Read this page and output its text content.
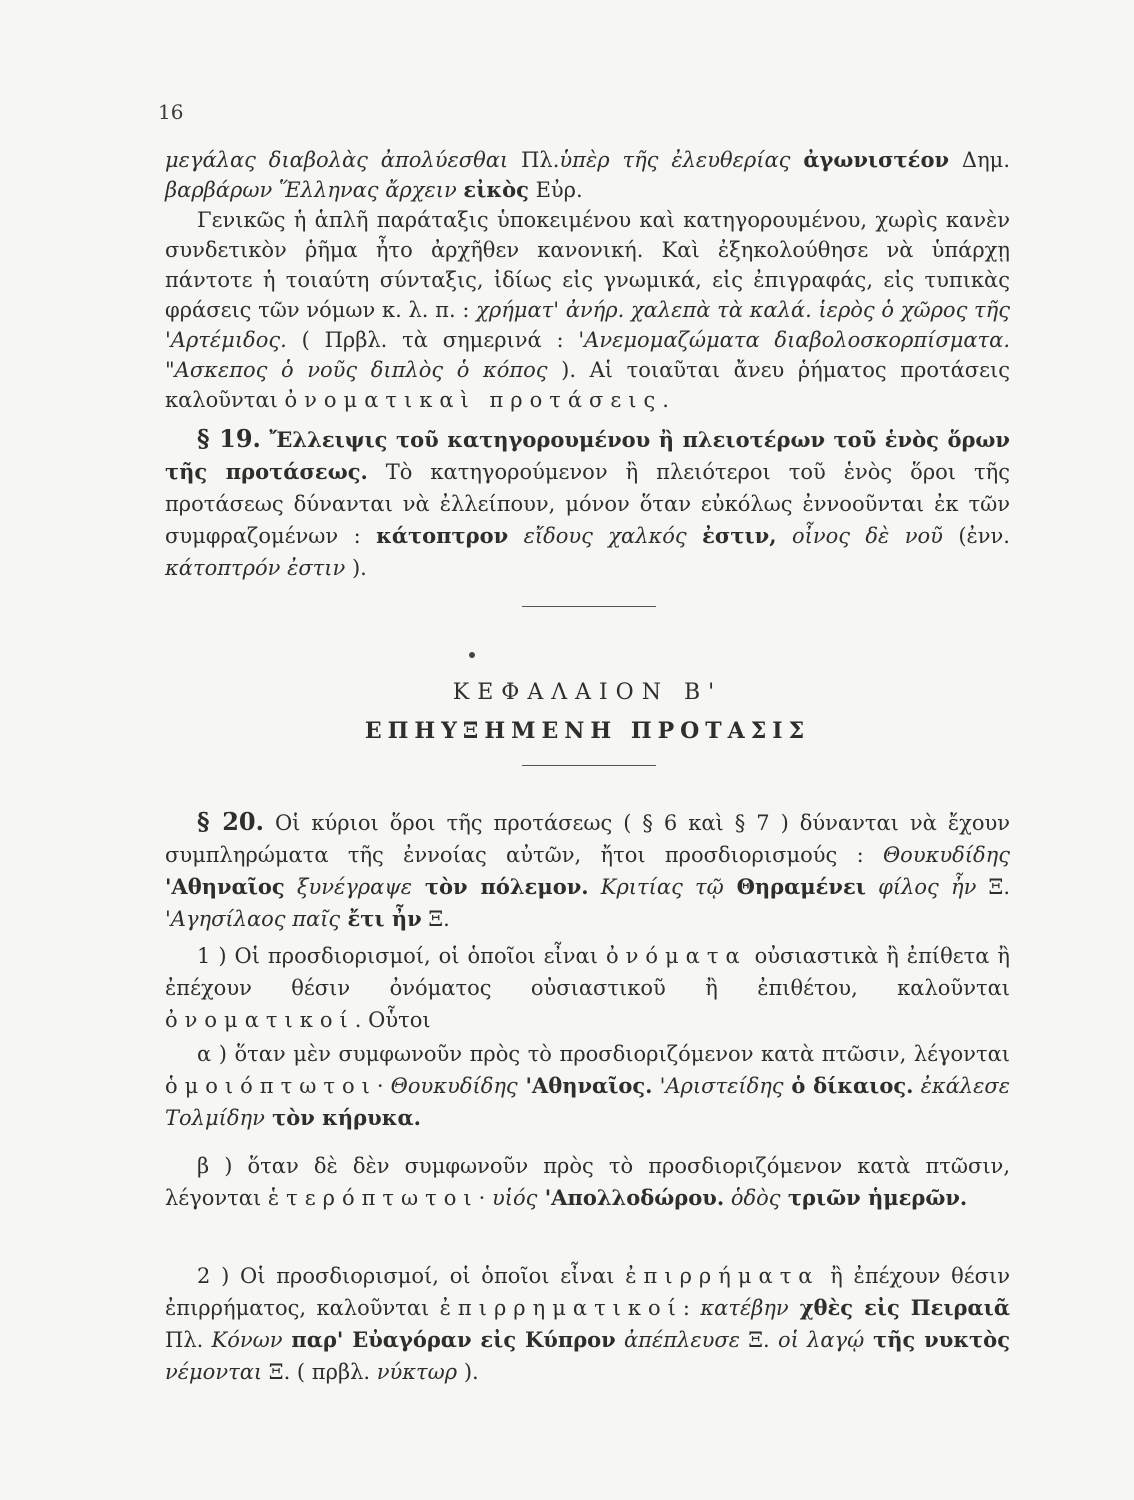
16

μεγάλας διαβολὰς ἀπολύεσθαι Πλ.ὑπὲρ τῆς ἐλευθερίας ἀγωνιστέον Δημ. βαρβάρων Ἕλληνας ἄρχειν εἰκὸς Εὐρ.

Γενικῶς ἡ ἁπλῆ παράταξις ὑποκειμένου καὶ κατηγορουμένου, χωρὶς κανὲν συνδετικὸν ῥῆμα ἦτο ἀρχῆθεν κανονική. Καὶ ἐξηκολούθησε νὰ ὑπάρχῃ πάντοτε ἡ τοιαύτη σύνταξις, ἰδίως εἰς γνωμικά, εἰς ἐπιγραφάς, εἰς τυπικὰς φράσεις τῶν νόμων κ. λ. π. : χρήματ' ἀνήρ. χαλεπὰ τὰ καλά. ἱερὸς ὁ χῶρος τῆς 'Αρτέμιδος. ( Πρβλ. τὰ σημερινά : 'Ανεμομαζώματα διαβολοσκορπίσματα. "Ασκεπος ὁ νοῦς διπλὸς ὁ κόπος ). Αἱ τοιαῦται ἄνευ ῥήματος προτάσεις καλοῦνται ὀνοματικαὶ προτάσεις.

§ 19. Ἔλλειψις τοῦ κατηγορουμένου ἢ πλειοτέρων τοῦ ἑνὸς ὅρων τῆς προτάσεως. Τὸ κατηγορούμενον ἢ πλειότεροι τοῦ ἑνὸς ὅροι τῆς προτάσεως δύνανται νὰ ἐλλείπουν, μόνον ὅταν εὐκόλως ἐννοοῦνται ἐκ τῶν συμφραζομένων : κάτοπτρον εἴδους χαλκός ἐστιν, οἶνος δὲ νοῦ (ἐνν. κάτοπτρόν ἐστιν ).

ΚΕΦΑΛΑΙΟΝ Β'
ΕΠΗΥΞΗΜΕΝΗ ΠΡΟΤΑΣΙΣ

§ 20. Οἱ κύριοι ὅροι τῆς προτάσεως ( § 6 καὶ § 7 ) δύνανται νὰ ἔχουν συμπληρώματα τῆς ἐννοίας αὐτῶν, ἤτοι προσδιορισμούς : Θουκυδίδης 'Αθηναῖος ξυνέγραψε τὸν πόλεμον. Κριτίας τῷ Θηραμένει φίλος ἦν Ξ. 'Αγησίλαος παῖς ἔτι ἦν Ξ.

1 ) Οἱ προσδιορισμοί, οἱ ὁποῖοι εἶναι ὀνόματα οὐσιαστικὰ ἢ ἐπίθετα ἢ ἐπέχουν θέσιν ὀνόματος οὐσιαστικοῦ ἢ ἐπιθέτου, καλοῦνται ὀνοματικοί. Οὗτοι

α ) ὅταν μὲν συμφωνοῦν πρὸς τὸ προσδιοριζόμενον κατὰ πτῶσιν, λέγονται ὁμοιόπτωτοι· Θουκυδίδης 'Αθηναῖος. 'Αριστείδης ὁ δίκαιος. ἐκάλεσε Τολμίδην τὸν κήρυκα.

β ) ὅταν δὲ δὲν συμφωνοῦν πρὸς τὸ προσδιοριζόμενον κατὰ πτῶσιν, λέγονται ἑτερόπτωτοι· υἱός 'Απολλοδώρου. ὁδὸς τριῶν ἡμερῶν.

2 ) Οἱ προσδιορισμοί, οἱ ὁποῖοι εἶναι ἐπιρρήματα ἢ ἐπέχουν θέσιν ἐπιρρήματος, καλοῦνται ἐπιρρηματικοί: κατέβην χθὲς εἰς Πειραιᾶ Πλ. Κόνων παρ' Εὐαγόραν εἰς Κύπρον ἀπέπλευσε Ξ. οἱ λαγῴ τῆς νυκτὸς νέμονται Ξ. ( πρβλ. νύκτωρ ).
